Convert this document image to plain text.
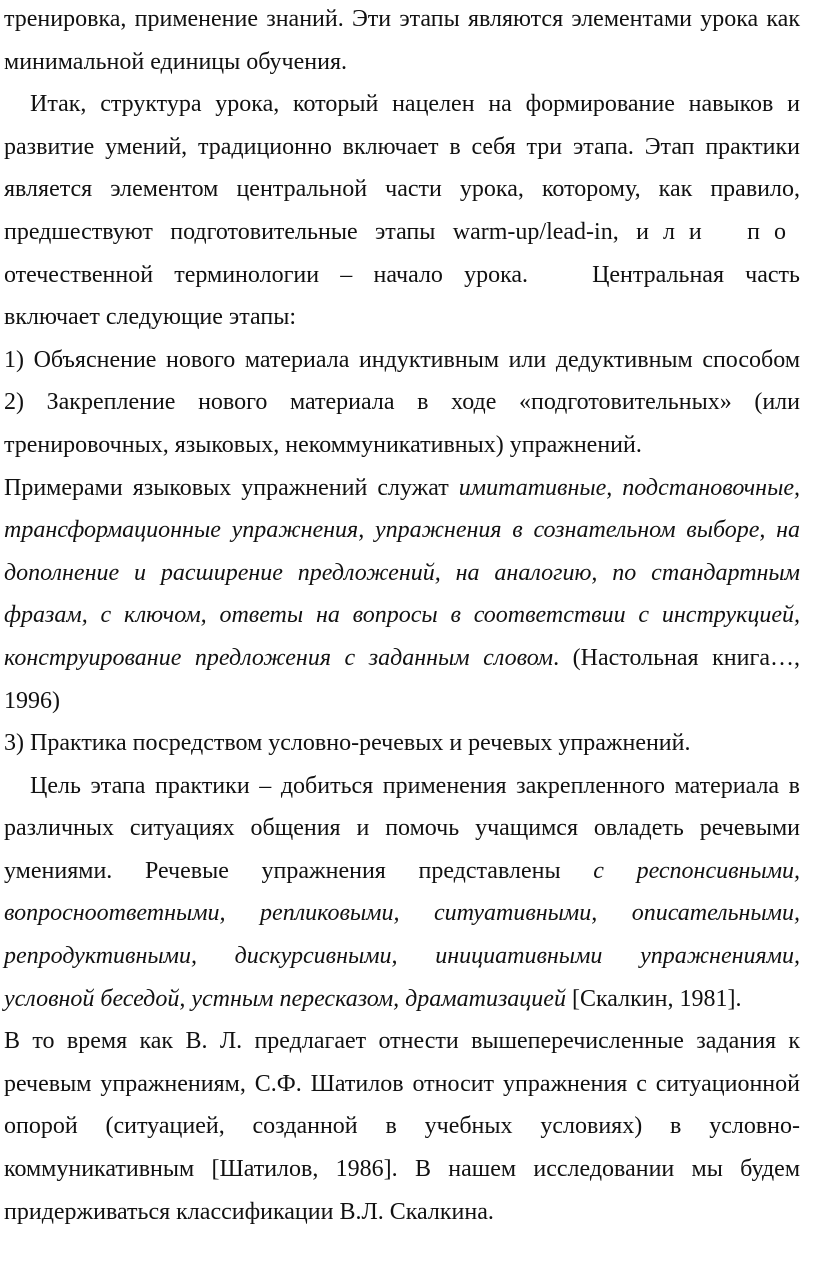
тренировка, применение знаний. Эти этапы являются элементами урока как минимальной единицы обучения.

Итак, структура урока, который нацелен на формирование навыков и развитие умений, традиционно включает в себя три этапа. Этап практики является элементом центральной части урока, которому, как правило, предшествуют подготовительные этапы warm-up/lead-in, или по отечественной терминологии – начало урока.	Центральная часть включает следующие этапы:

1) Объяснение нового материала индуктивным или дедуктивным способом 2) Закрепление нового материала в ходе «подготовительных» (или тренировочных, языковых, некоммуникативных) упражнений.

Примерами языковых упражнений служат имитативные, подстановочные, трансформационные упражнения, упражнения в сознательном выборе, на дополнение и расширение предложений, на аналогию, по стандартным фразам, с ключом, ответы на вопросы в соответствии с инструкцией, конструирование предложения с заданным словом. (Настольная книга…, 1996)

3) Практика посредством условно-речевых и речевых упражнений.

Цель этапа практики – добиться применения закрепленного материала в различных ситуациях общения и помочь учащимся овладеть речевыми умениями. Речевые упражнения представлены с респонсивными, вопросноответными, репликовыми, ситуативными, описательными, репродуктивными, дискурсивными, инициативными упражнениями, условной беседой, устным пересказом, драматизацией [Скалкин, 1981].

В то время как В. Л. предлагает отнести вышеперечисленные задания к речевым упражнениям, С.Ф. Шатилов относит упражнения с ситуационной опорой (ситуацией, созданной в учебных условиях) в условно-коммуникативным [Шатилов, 1986]. В нашем исследовании мы будем придерживаться классификации В.Л. Скалкина.
